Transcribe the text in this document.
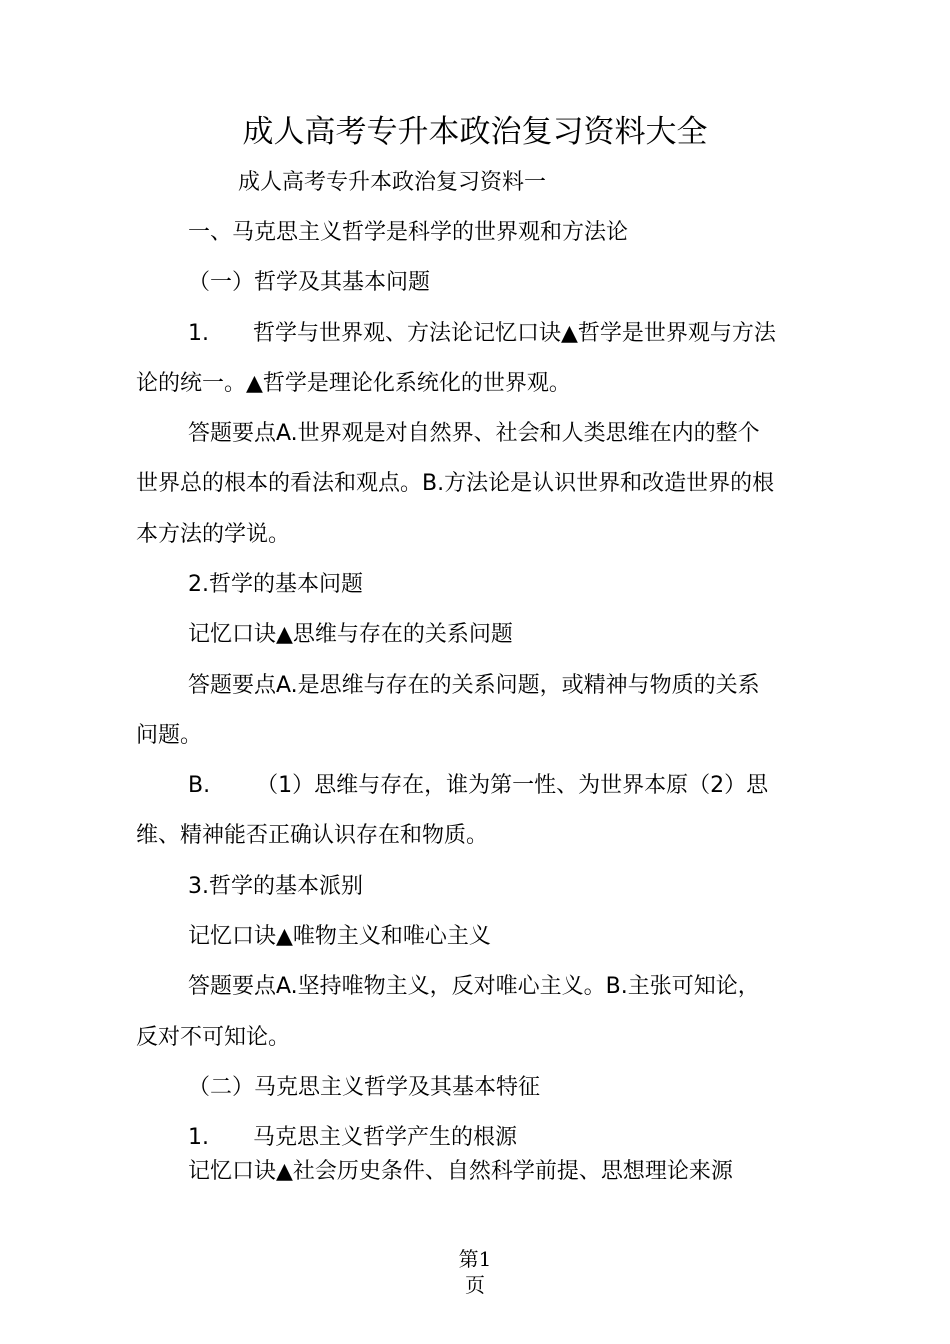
成人高考专升本政治复习资料大全

成人高考专升本政治复习资料一

一、马克思主义哲学是科学的世界观和方法论

（一）哲学及其基本问题

1. 哲学与世界观、方法论记忆口诀▲哲学是世界观与方法

论的统一。▲哲学是理论化系统化的世界观。

答题要点A.世界观是对自然界、社会和人类思维在内的整个

世界总的根本的看法和观点。B.方法论是认识世界和改造世界的根

本方法的学说。

2.哲学的基本问题

记忆口诀▲思维与存在的关系问题

答题要点A.是思维与存在的关系问题，或精神与物质的关系

问题。

B. （1）思维与存在，谁为第一性、为世界本原（2）思

维、精神能否正确认识存在和物质。

3.哲学的基本派别

记忆口诀▲唯物主义和唯心主义

答题要点A.坚持唯物主义，反对唯心主义。B.主张可知论，

反对不可知论。

（二）马克思主义哲学及其基本特征

1. 马克思主义哲学产生的根源

记忆口诀▲社会历史条件、自然科学前提、思想理论来源

第1
页
